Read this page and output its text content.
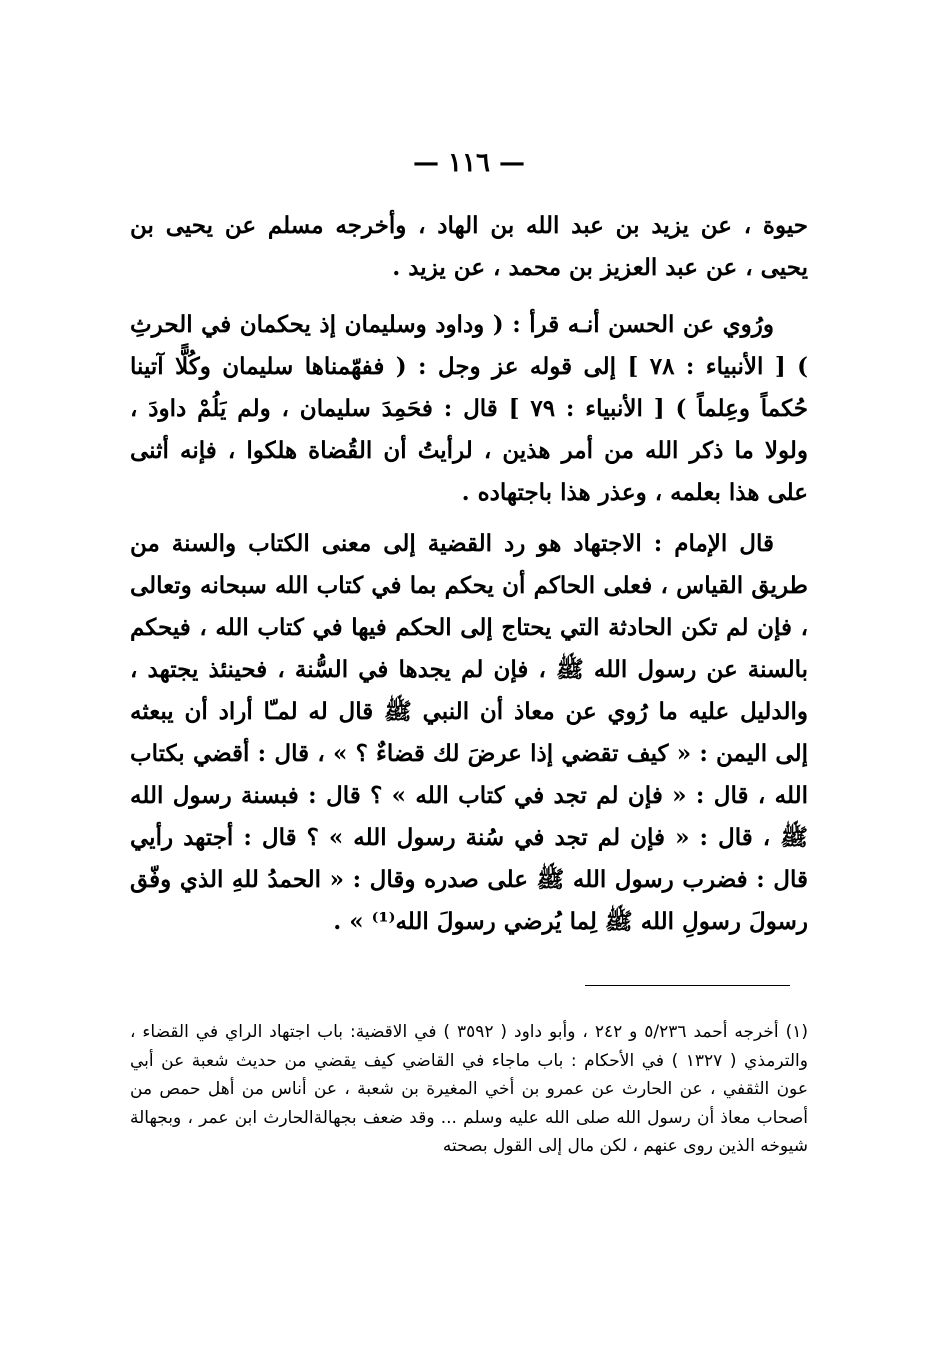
— ١١٦ —

حيوة ، عن يزيد بن عبد الله بن الهاد ، وأخرجه مسلم عن يحيى بن يحيى ، عن عبد العزيز بن محمد ، عن يزيد .

ورُوي عن الحسن أنـه قرأ : ( وداود وسليمان إذ يحكمان في الحرثِ ) [ الأنبياء : ٧٨ ] إلى قوله عز وجل : ( ففهّمناها سليمان وكُلًّا آتينا حُكماً وعِلماً ) [ الأنبياء : ٧٩ ] قال : فحَمِدَ سليمان ، ولم يَلُمْ داودَ ، ولولا ما ذكر الله من أمر هذين ، لرأيتُ أن القُضاة هلكوا ، فإنه أثنى على هذا بعلمه ، وعذر هذا باجتهاده .

قال الإمام : الاجتهاد هو رد القضية إلى معنى الكتاب والسنة من طريق القياس ، فعلى الحاكم أن يحكم بما في كتاب الله سبحانه وتعالى ، فإن لم تكن الحادثة التي يحتاج إلى الحكم فيها في كتاب الله ، فيحكم بالسنة عن رسول الله ﷺ ، فإن لم يجدها في السُّنة ، فحينئذ يجتهد ، والدليل عليه ما رُوي عن معاذ أن النبي ﷺ قال له لمـّا أراد أن يبعثه إلى اليمن : « كيف تقضي إذا عرضَ لك قضاءٌ ؟ » ، قال : أقضي بكتاب الله ، قال : « فإن لم تجد في كتاب الله » ؟ قال : فبسنة رسول الله ﷺ ، قال : « فإن لم تجد في سُنة رسول الله » ؟ قال : أجتهد رأيي قال : فضرب رسول الله ﷺ على صدره وقال : « الحمدُ للهِ الذي وفّق رسولَ رسولِ الله ﷺ لِما يُرضي رسولَ الله⁽¹⁾ » .

(١) أخرجه أحمد ٥/٢٣٦ و ٢٤٢ ، وأبو داود ( ٣٥٩٢ ) في الاقضية: باب اجتهاد الراي في القضاء ، والترمذي ( ١٣٢٧ ) في الأحكام : باب ماجاء في القاضي كيف يقضي من حديث شعبة عن أبي عون الثقفي ، عن الحارث عن عمرو بن أخي المغيرة بن شعبة ، عن أناس من أهل حمص من أصحاب معاذ أن رسول الله صلى الله عليه وسلم ... وقد ضعف بجهالةالحارث ابن عمر ، وبجهالة شيوخه الذين روى عنهم ، لكن مال إلى القول بصحته
